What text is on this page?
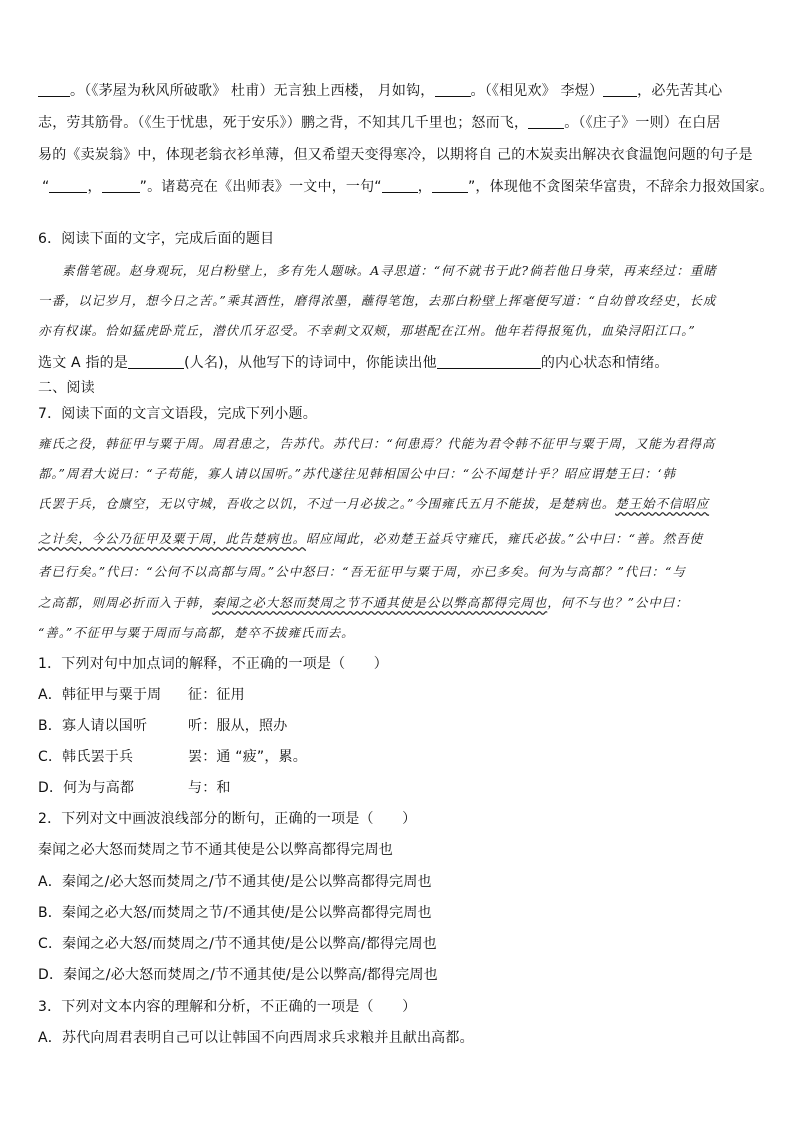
。（《茅屋为秋风所破歌》 杜甫）无言独上西楼， 月如钩，	。（《相见欢》 李煜） ，必先苦其心
志，劳其筋骨。（《生于忧患，死于安乐》）鹏之背，不知其几千里也；怒而飞，	。（《庄子》一则）在白居
易的《卖炭翁》中，体现老翁衣衫单薄，但又希望天变得寒冷，以期将自 己的木炭卖出解决衣食温饱问题的句子是
“	，	”。诸葛亮在《出师表》一文中，一句“	，	”，体现他不贪图荣华富贵，不辞余力报效国家。
6．阅读下面的文字，完成后面的题目
素偕笔砚。赵身观玩，见白粉壁上，多有先人题咏。A寻思道：“何不就书于此?倘若他日身荣，再来经过：重睹
一番，以记岁月，想今日之苦。”乘其酒性，磨得浓墨，蘸得笔饱，去那白粉壁上挥毫便写道：“自幼曾攻经史，长成
亦有权谋。恰如猛虎卧荒丘，潜伏爪牙忍受。不幸刺文双颊，那堪配在江州。他年若得报冤仇，血染浔阳江口。”
选文 A 指的是	(人名)，从他写下的诗词中，你能读出他	的内心状态和情绪。
二、阅读
7．阅读下面的文言文语段，完成下列小题。
雍氏之役，韩征甲与粟于周。周君患之，告苏代。苏代曰：“何患焉？代能为君令韩不征甲与粟于周，又能为君得高
都。”周君大说曰：“子苟能，寡人请以国听。”苏代遂往见韩相国公中曰：“公不闻楚计乎？昭应谓楚王曰：‘韩
氏罢于兵，仓廪空，无以守城，吾收之以饥，不过一月必拔之。”今围雍氏五月不能拔，是楚病也。楚王始不信昭应
之计矣，今公乃征甲及粟于周，此告楚病也。昭应闻此，必劝楚王益兵守雍氏，雍氏必拔。”公中曰：“善。然吾使
者已行矣。”代曰：“公何不以高都与周。”公中怒曰：“吾无征甲与粟于周，亦已多矣。何为与高都？”代曰：“与
之高都，则周必折而入于韩，秦闻之必大怒而焚周之节不通其使是公以弊高都得完周也，何不与也？”公中曰：
“善。”不征甲与粟于周而与高都，楚卒不拔雍氏而去。
1．下列对句中加点词的解释，不正确的一项是（　　）
A．韩征甲与粟于周 征：征用
B．寡人请以国听	听：服从，照办
C．韩氏罢于兵	罢：通 “疲”，累。
D．何为与高都	与：和
2．下列对文中画波浪线部分的断句，正确的一项是（　　）
秦闻之必大怒而焚周之节不通其使是公以弊高都得完周也
A．秦闻之/必大怒而焚周之/节不通其使/是公以弊高都得完周也
B．秦闻之必大怒/而焚周之节/不通其使/是公以弊高都得完周也
C．秦闻之必大怒/而焚周之/节不通其使/是公以弊高/都得完周也
D．秦闻之/必大怒而焚周之/节不通其使/是公以弊高/都得完周也
3．下列对文本内容的理解和分析，不正确的一项是（　　）
A．苏代向周君表明自己可以让韩国不向西周求兵求粮并且献出高都。
